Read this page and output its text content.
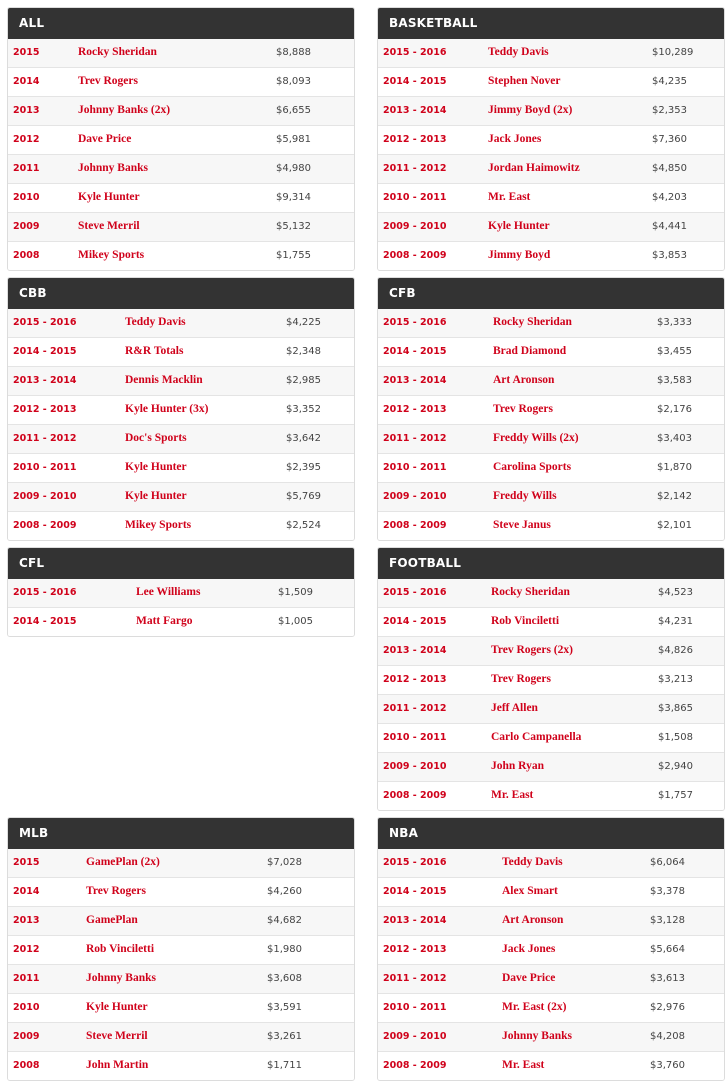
ALL
2015	Rocky Sheridan	$8,888
2014	Trev Rogers	$8,093
2013	Johnny Banks (2x)	$6,655
2012	Dave Price	$5,981
2011	Johnny Banks	$4,980
2010	Kyle Hunter	$9,314
2009	Steve Merril	$5,132
2008	Mikey Sports	$1,755
BASKETBALL
2015 - 2016	Teddy Davis	$10,289
2014 - 2015	Stephen Nover	$4,235
2013 - 2014	Jimmy Boyd (2x)	$2,353
2012 - 2013	Jack Jones	$7,360
2011 - 2012	Jordan Haimowitz	$4,850
2010 - 2011	Mr. East	$4,203
2009 - 2010	Kyle Hunter	$4,441
2008 - 2009	Jimmy Boyd	$3,853
CBB
2015 - 2016	Teddy Davis	$4,225
2014 - 2015	R&R Totals	$2,348
2013 - 2014	Dennis Macklin	$2,985
2012 - 2013	Kyle Hunter (3x)	$3,352
2011 - 2012	Doc's Sports	$3,642
2010 - 2011	Kyle Hunter	$2,395
2009 - 2010	Kyle Hunter	$5,769
2008 - 2009	Mikey Sports	$2,524
CFB
2015 - 2016	Rocky Sheridan	$3,333
2014 - 2015	Brad Diamond	$3,455
2013 - 2014	Art Aronson	$3,583
2012 - 2013	Trev Rogers	$2,176
2011 - 2012	Freddy Wills (2x)	$3,403
2010 - 2011	Carolina Sports	$1,870
2009 - 2010	Freddy Wills	$2,142
2008 - 2009	Steve Janus	$2,101
CFL
2015 - 2016	Lee Williams	$1,509
2014 - 2015	Matt Fargo	$1,005
FOOTBALL
2015 - 2016	Rocky Sheridan	$4,523
2014 - 2015	Rob Vinciletti	$4,231
2013 - 2014	Trev Rogers (2x)	$4,826
2012 - 2013	Trev Rogers	$3,213
2011 - 2012	Jeff Allen	$3,865
2010 - 2011	Carlo Campanella	$1,508
2009 - 2010	John Ryan	$2,940
2008 - 2009	Mr. East	$1,757
MLB
2015	GamePlan (2x)	$7,028
2014	Trev Rogers	$4,260
2013	GamePlan	$4,682
2012	Rob Vinciletti	$1,980
2011	Johnny Banks	$3,608
2010	Kyle Hunter	$3,591
2009	Steve Merril	$3,261
2008	John Martin	$1,711
NBA
2015 - 2016	Teddy Davis	$6,064
2014 - 2015	Alex Smart	$3,378
2013 - 2014	Art Aronson	$3,128
2012 - 2013	Jack Jones	$5,664
2011 - 2012	Dave Price	$3,613
2010 - 2011	Mr. East (2x)	$2,976
2009 - 2010	Johnny Banks	$4,208
2008 - 2009	Mr. East	$3,760
